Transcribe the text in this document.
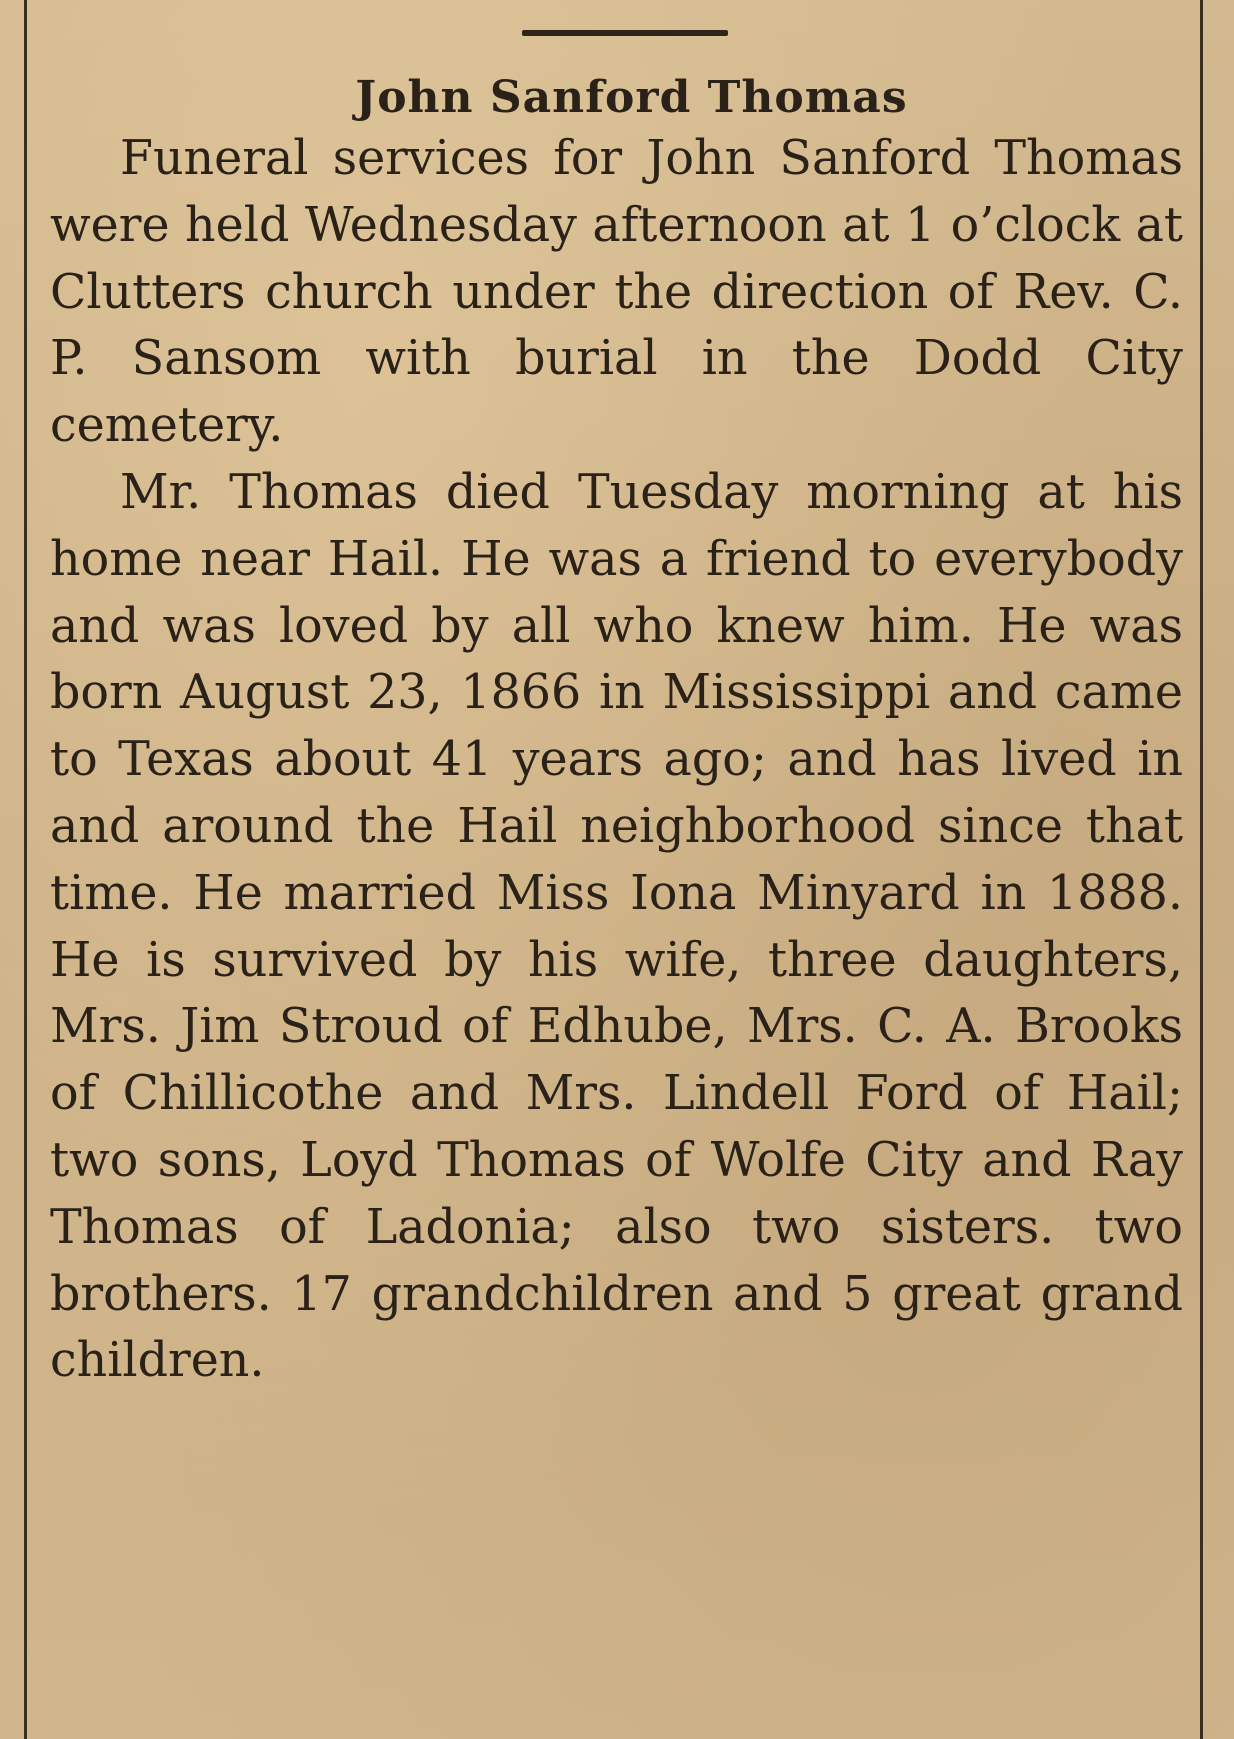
John Sanford Thomas

Funeral services for John Sanford Thomas were held Wednesday afternoon at 1 o’clock at Clutters church under the direction of Rev. C. P. Sansom with burial in the Dodd City cemetery.

Mr. Thomas died Tuesday morning at his home near Hail. He was a friend to everybody and was loved by all who knew him. He was born August 23, 1866 in Mississippi and came to Texas about 41 years ago; and has lived in and around the Hail neighborhood since that time. He married Miss Iona Minyard in 1888. He is survived by his wife, three daughters, Mrs. Jim Stroud of Edhube, Mrs. C. A. Brooks of Chillicothe and Mrs. Lindell Ford of Hail; two sons, Loyd Thomas of Wolfe City and Ray Thomas of Ladonia; also two sisters. two brothers. 17 grandchildren and 5 great grand children.
